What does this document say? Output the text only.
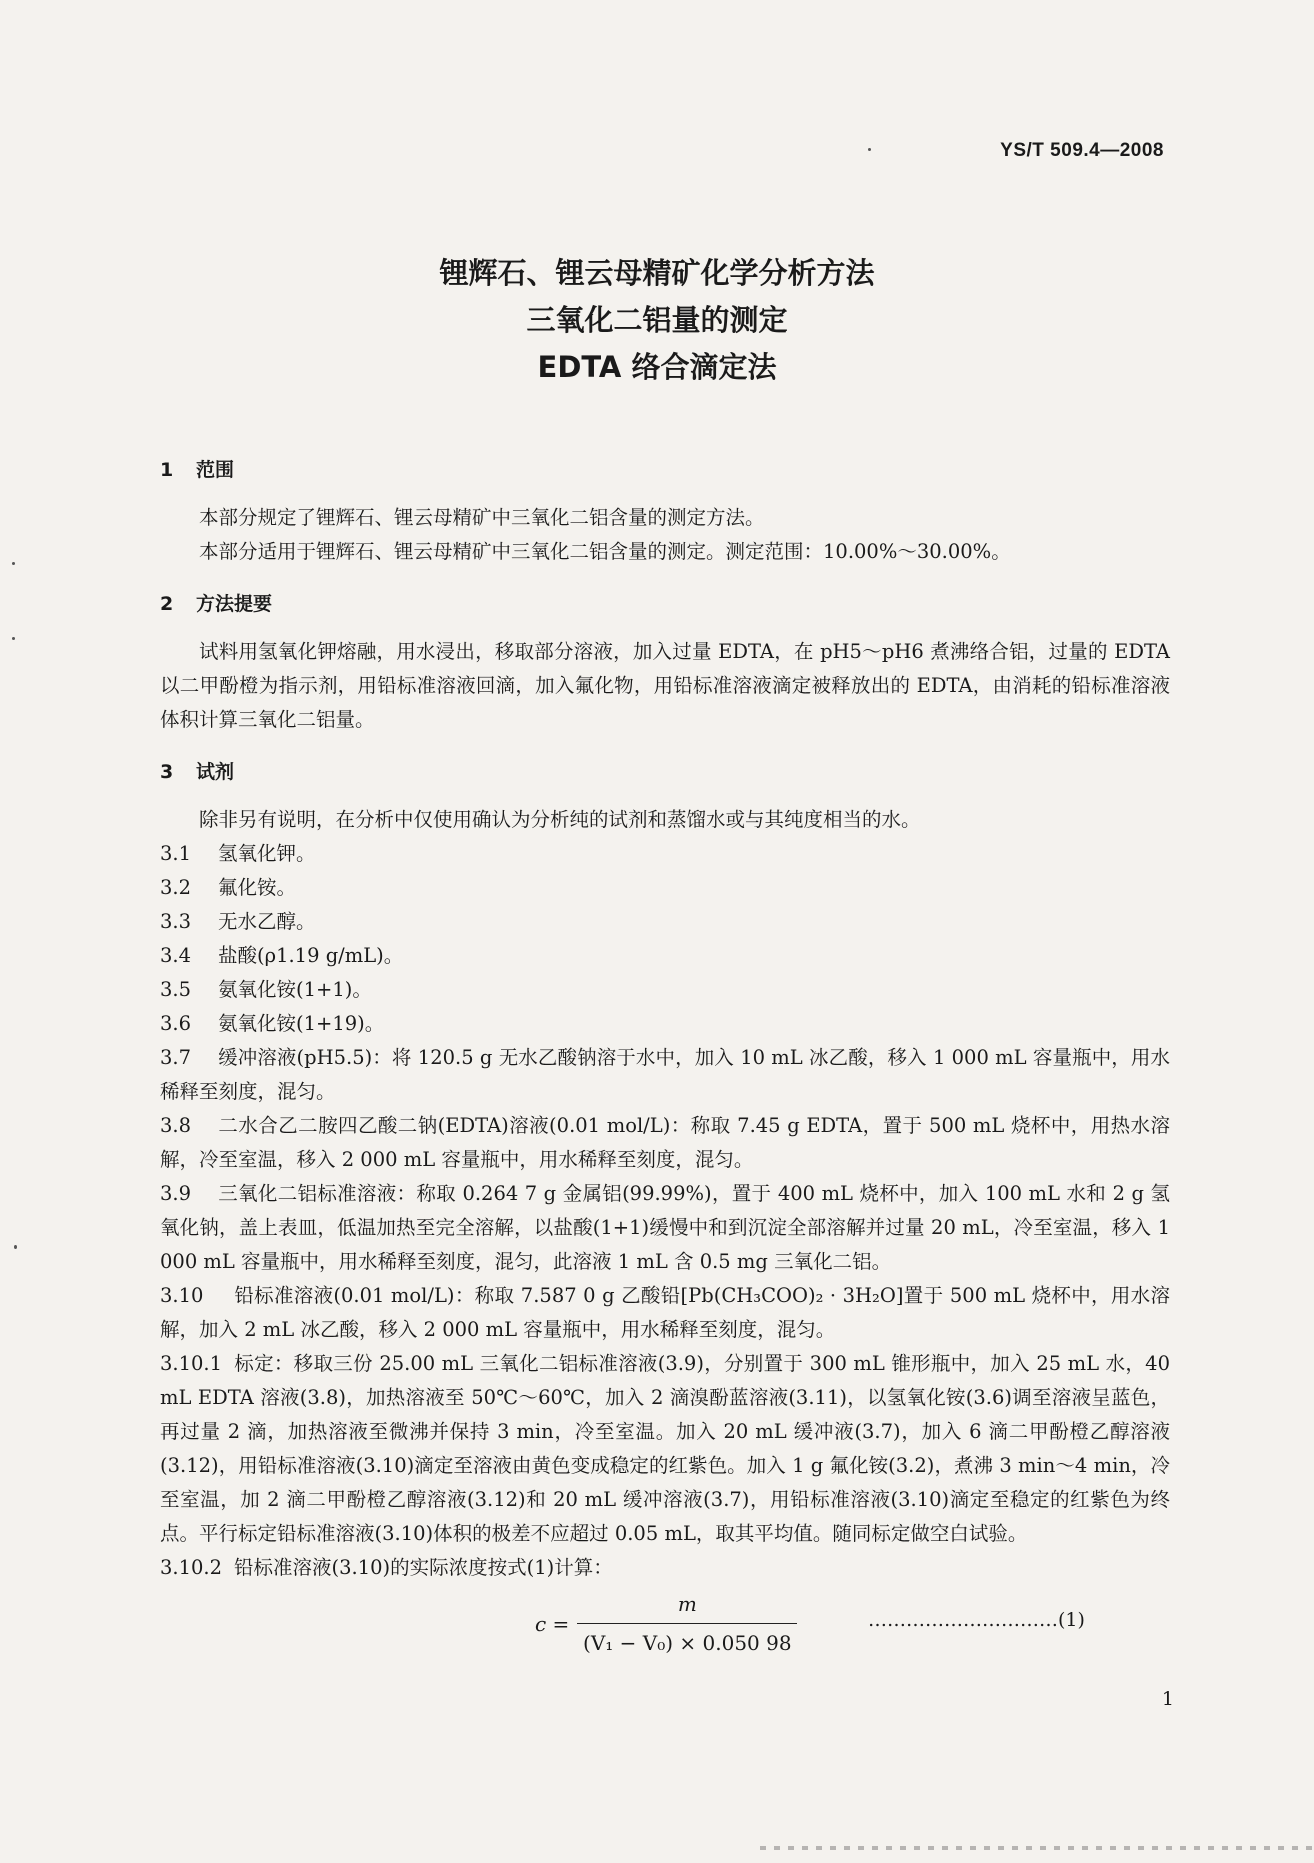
YS/T 509.4—2008
锂辉石、锂云母精矿化学分析方法
三氧化二铝量的测定
EDTA 络合滴定法
1 范围

本部分规定了锂辉石、锂云母精矿中三氧化二铝含量的测定方法。

本部分适用于锂辉石、锂云母精矿中三氧化二铝含量的测定。测定范围：10.00%～30.00%。

2 方法提要

试料用氢氧化钾熔融，用水浸出，移取部分溶液，加入过量 EDTA，在 pH5～pH6 煮沸络合铝，过量的 EDTA 以二甲酚橙为指示剂，用铅标准溶液回滴，加入氟化物，用铅标准溶液滴定被释放出的 EDTA，由消耗的铅标准溶液体积计算三氧化二铝量。

3 试剂

除非另有说明，在分析中仅使用确认为分析纯的试剂和蒸馏水或与其纯度相当的水。

3.1 氢氧化钾。

3.2 氟化铵。

3.3 无水乙醇。

3.4 盐酸(ρ1.19 g/mL)。

3.5 氨氧化铵(1+1)。

3.6 氨氧化铵(1+19)。

3.7 缓冲溶液(pH5.5)：将 120.5 g 无水乙酸钠溶于水中，加入 10 mL 冰乙酸，移入 1 000 mL 容量瓶中，用水稀释至刻度，混匀。

3.8 二水合乙二胺四乙酸二钠(EDTA)溶液(0.01 mol/L)：称取 7.45 g EDTA，置于 500 mL 烧杯中，用热水溶解，冷至室温，移入 2 000 mL 容量瓶中，用水稀释至刻度，混匀。

3.9 三氧化二铝标准溶液：称取 0.264 7 g 金属铝(99.99%)，置于 400 mL 烧杯中，加入 100 mL 水和 2 g 氢氧化钠，盖上表皿，低温加热至完全溶解，以盐酸(1+1)缓慢中和到沉淀全部溶解并过量 20 mL，冷至室温，移入 1 000 mL 容量瓶中，用水稀释至刻度，混匀，此溶液 1 mL 含 0.5 mg 三氧化二铝。

3.10 铅标准溶液(0.01 mol/L)：称取 7.587 0 g 乙酸铅[Pb(CH₃COO)₂ · 3H₂O]置于 500 mL 烧杯中，用水溶解，加入 2 mL 冰乙酸，移入 2 000 mL 容量瓶中，用水稀释至刻度，混匀。

3.10.1 标定：移取三份 25.00 mL 三氧化二铝标准溶液(3.9)，分别置于 300 mL 锥形瓶中，加入 25 mL 水，40 mL EDTA 溶液(3.8)，加热溶液至 50℃～60℃，加入 2 滴溴酚蓝溶液(3.11)，以氢氧化铵(3.6)调至溶液呈蓝色，再过量 2 滴，加热溶液至微沸并保持 3 min，冷至室温。加入 20 mL 缓冲液(3.7)，加入 6 滴二甲酚橙乙醇溶液(3.12)，用铅标准溶液(3.10)滴定至溶液由黄色变成稳定的红紫色。加入 1 g 氟化铵(3.2)，煮沸 3 min～4 min，冷至室温，加 2 滴二甲酚橙乙醇溶液(3.12)和 20 mL 缓冲溶液(3.7)，用铅标准溶液(3.10)滴定至稳定的红紫色为终点。平行标定铅标准溶液(3.10)体积的极差不应超过 0.05 mL，取其平均值。随同标定做空白试验。

3.10.2 铅标准溶液(3.10)的实际浓度按式(1)计算：

$c = \frac{m}{\text{(V₁ − V₀) × 0.050 98}}$	…………………………(1)
1
